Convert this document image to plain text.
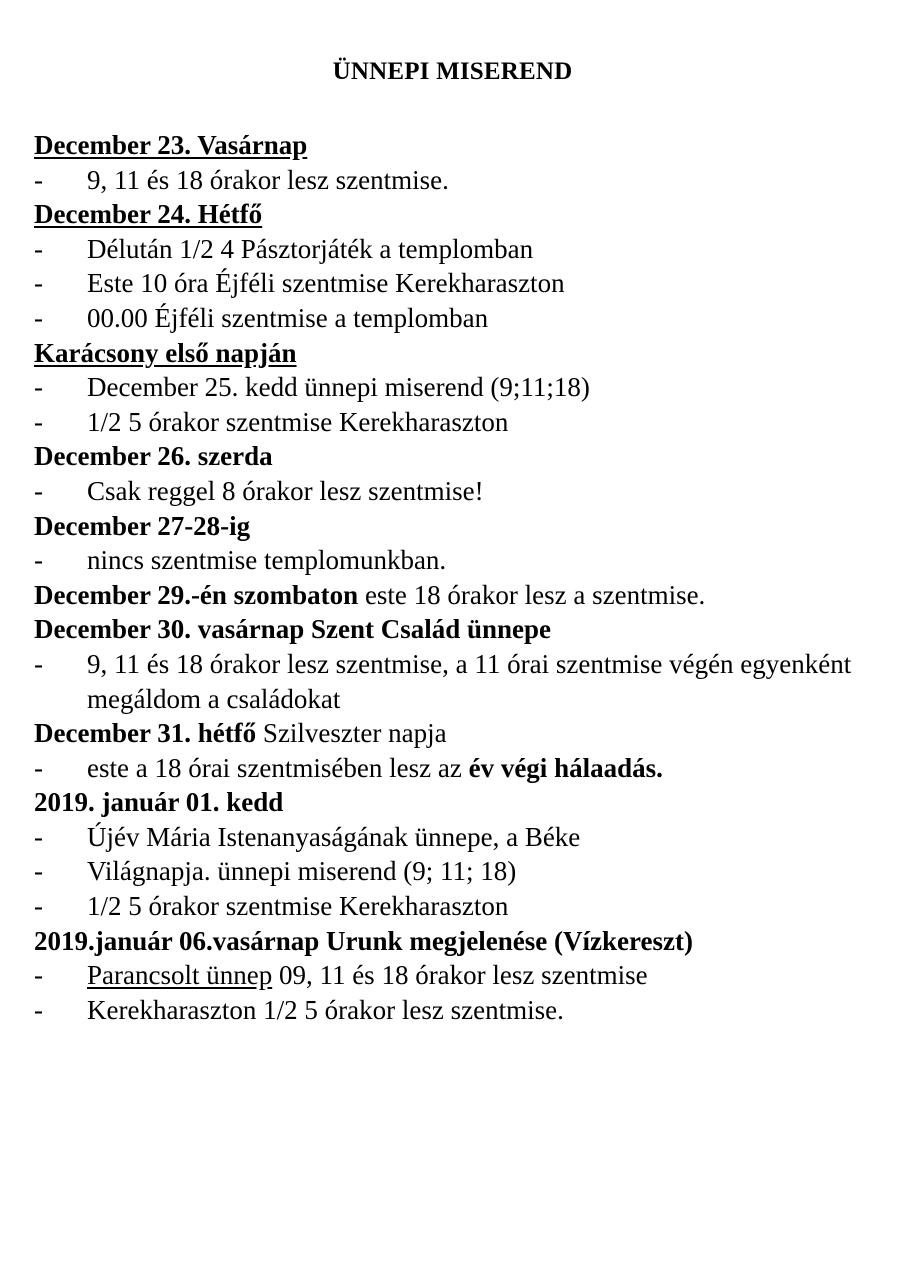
ÜNNEPI MISEREND
December 23. Vasárnap
- 9, 11 és 18 órakor lesz szentmise.
December 24. Hétfő
- Délután 1/2 4 Pásztorjáték a templomban
- Este 10 óra Éjféli szentmise Kerekharaszton
- 00.00 Éjféli szentmise a templomban
Karácsony első napján
- December 25. kedd ünnepi miserend (9;11;18)
- 1/2 5 órakor szentmise Kerekharaszton
December 26. szerda
- Csak reggel 8 órakor lesz szentmise!
December 27-28-ig
- nincs szentmise templomunkban.
December 29.-én szombaton este 18 órakor lesz a szentmise.
December 30. vasárnap Szent Család ünnepe
- 9, 11 és 18 órakor lesz szentmise, a 11 órai szentmise végén egyenként megáldom a családokat
December 31. hétfő Szilveszter napja
- este a 18 órai szentmisében lesz az év végi hálaadás.
2019. január 01. kedd
- Újév Mária Istenanyaságának ünnepe, a Béke
- Világnapja. ünnepi miserend (9; 11; 18)
- 1/2 5 órakor szentmise Kerekharaszton
2019.január 06.vasárnap Urunk megjelenése (Vízkereszt)
- Parancsolt ünnep 09, 11 és 18 órakor lesz szentmise
- Kerekharaszton 1/2 5 órakor lesz szentmise.
